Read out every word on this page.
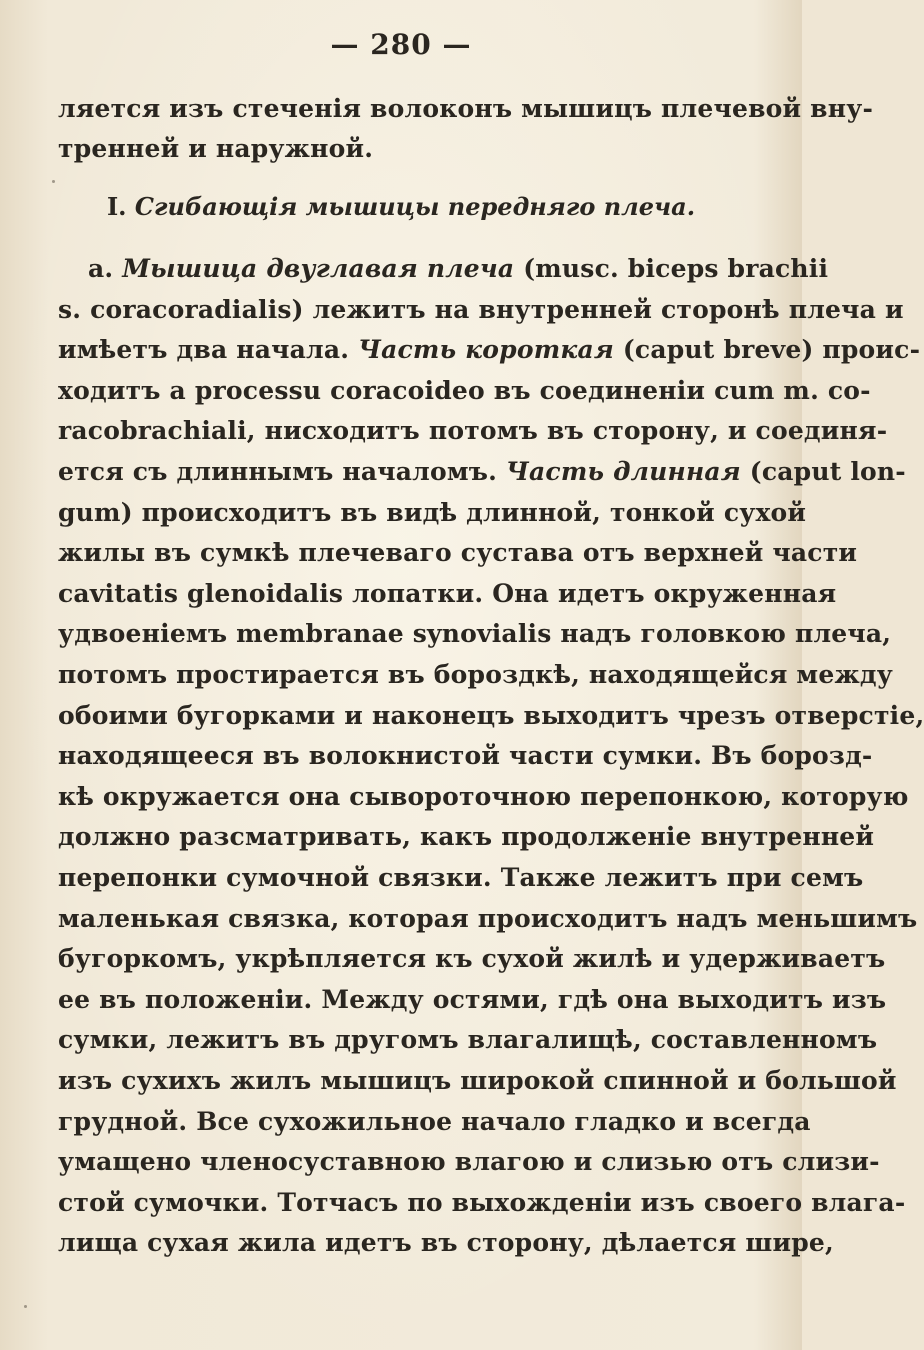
— 280 —
ляется изъ стеченія волоконъ мышицъ плечевой вну-
тренней и наружной.
I. Сгибающія мышицы передняго плеча.
а. Мышица двуглавая плеча (musc. biceps brachii
s. coracoradialis) лежитъ на внутренней сторонѣ плеча и
имѣетъ два начала. Часть короткая (caput breve) проис-
ходитъ a processu coracoideo въ соединеніи cum m. co-
racobrachiali, нисходитъ потомъ въ сторону, и соединя-
ется съ длиннымъ началомъ. Часть длинная (caput lon-
gum) происходитъ въ видѣ длинной, тонкой сухой
жилы въ сумкѣ плечеваго сустава отъ верхней части
cavitatis glenoidalis лопатки. Она идетъ окруженная
удвоеніемъ membranae synovialis надъ головкою плеча,
потомъ простирается въ бороздкѣ, находящейся между
обоими бугорками и наконецъ выходитъ чрезъ отверстіе,
находящееся въ волокнистой части сумки. Въ борозд-
кѣ окружается она сывороточною перепонкою, которую
должно разсматривать, какъ продолженіе внутренней
перепонки сумочной связки. Также лежитъ при семъ
маленькая связка, которая происходитъ надъ меньшимъ
бугоркомъ, укрѣпляется къ сухой жилѣ и удерживаетъ
ее въ положеніи. Между остями, гдѣ она выходитъ изъ
сумки, лежитъ въ другомъ влагалищѣ, составленномъ
изъ сухихъ жилъ мышицъ широкой спинной и большой
грудной. Все сухожильное начало гладко и всегда
умащено членосуставною влагою и слизью отъ слизи-
стой сумочки. Тотчасъ по выхожденіи изъ своего влага-
лища сухая жила идетъ въ сторону, дѣлается шире,
